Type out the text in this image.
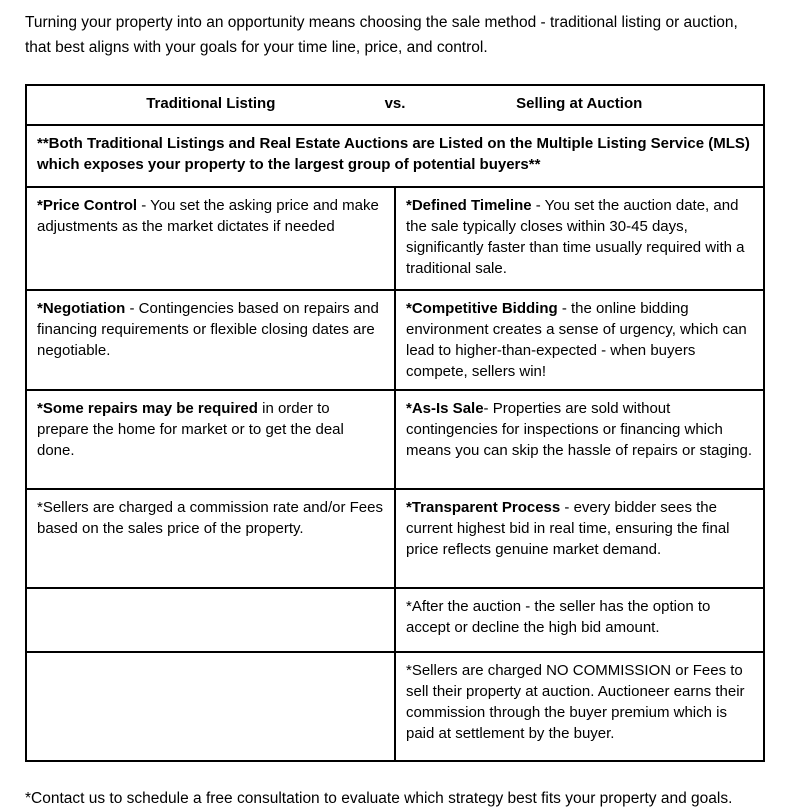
Turning your property into an opportunity means choosing the sale method - traditional listing or auction, that best aligns with your goals for your time line, price, and control.

Traditional Listing vs. Selling at Auction	

**Both Traditional Listings and Real Estate Auctions are Listed on the Multiple Listing Service (MLS) which exposes your property to the largest group of potential buyers**	
*Price Control - You set the asking price and make adjustments as the market dictates if needed	*Defined Timeline - You set the auction date, and the sale typically closes within 30-45 days, significantly faster than time usually required with a traditional sale.
*Negotiation - Contingencies based on repairs and financing requirements or flexible closing dates are negotiable.	*Competitive Bidding - the online bidding environment creates a sense of urgency, which can lead to higher-than-expected - when buyers compete, sellers win!
*Some repairs may be required in order to prepare the home for market or to get the deal done.	*As-Is Sale- Properties are sold without contingencies for inspections or financing which means you can skip the hassle of repairs or staging.
*Sellers are charged a commission rate and/or Fees based on the sales price of the property.	*Transparent Process - every bidder sees the current highest bid in real time, ensuring the final price reflects genuine market demand.
	*After the auction - the seller has the option to accept or decline the high bid amount.
	*Sellers are charged NO COMMISSION or Fees to sell their property at auction. Auctioneer earns their commission through the buyer premium which is paid at settlement by the buyer.

*Contact us to schedule a free consultation to evaluate which strategy best fits your property and goals.
